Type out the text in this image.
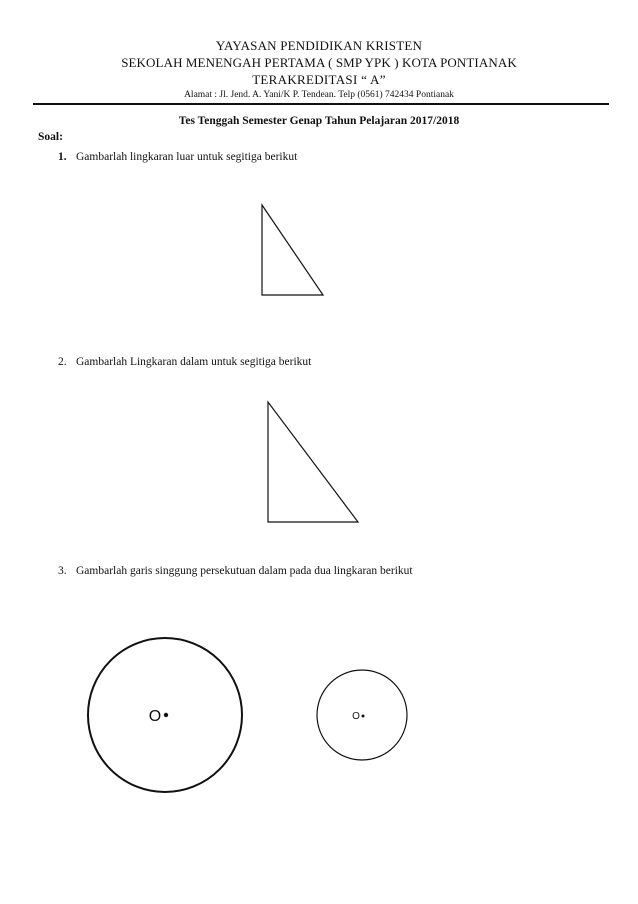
YAYASAN PENDIDIKAN KRISTEN
SEKOLAH MENENGAH PERTAMA ( SMP YPK ) KOTA PONTIANAK
TERAKREDITASI “ A”
Alamat : Jl. Jend. A. Yani/K P. Tendean. Telp (0561) 742434 Pontianak
Tes Tenggah Semester Genap Tahun Pelajaran 2017/2018
Soal:
1. Gambarlah lingkaran luar untuk segitiga berikut
2. Gambarlah Lingkaran dalam untuk segitiga berikut
3. Gambarlah garis singgung persekutuan dalam pada dua lingkaran berikut
O	O
